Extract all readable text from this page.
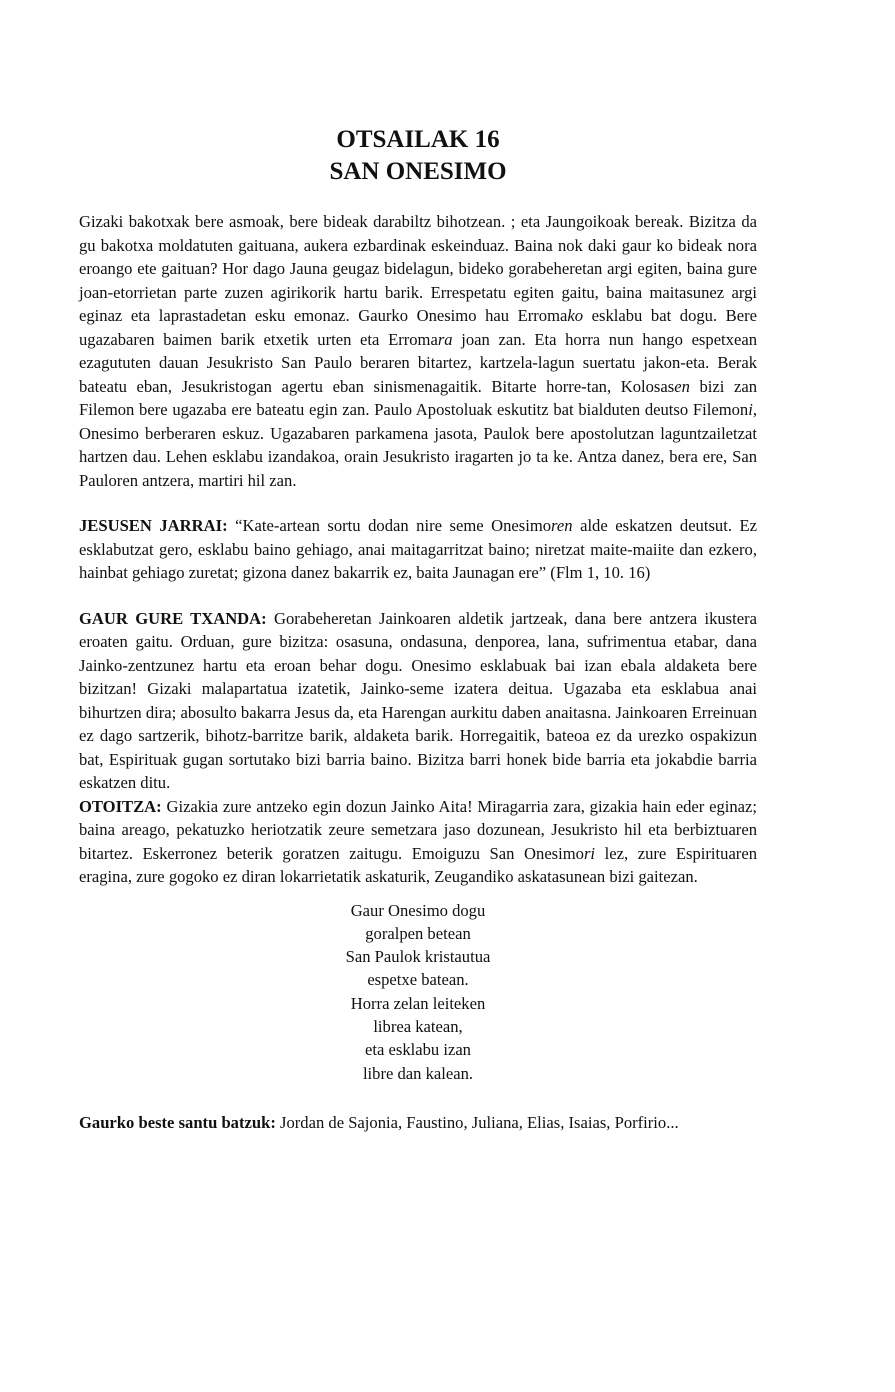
OTSAILAK 16
SAN ONESIMO

Gizaki bakotxak bere asmoak, bere bideak darabiltz bihotzean. ; eta Jaungoikoak bereak. Bizitza da gu bakotxa moldatuten gaituana, aukera ezbardinak eskeinduaz. Baina nok daki gaur ko bideak nora eroango ete gaituan? Hor dago Jauna geugaz bidelagun, bideko gorabeheretan argi egiten, baina gure joan-etorrietan parte zuzen agirikorik hartu barik. Errespetatu egiten gaitu, baina maitasunez argi eginaz eta laprastadetan esku emonaz. Gaurko Onesimo hau Erromako esklabu bat dogu. Bere ugazabaren baimen barik etxetik urten eta Erromara joan zan. Eta horra nun hango espetxean ezagututen dauan Jesukristo San Paulo beraren bitartez, kartzela-lagun suertatu jakon-eta. Berak bateatu eban, Jesukristogan agertu eban sinismenagaitik. Bitarte horre-tan, Kolosasen bizi zan Filemon bere ugazaba ere bateatu egin zan. Paulo Apostoluak eskutitz bat bialduten deutso Filemoni, Onesimo berberaren eskuz. Ugazabaren parkamena jasota, Paulok bere apostolutzan laguntzailetzat hartzen dau. Lehen esklabu izandakoa, orain Jesukristo iragarten jo ta ke. Antza danez, bera ere, San Pauloren antzera, martiri hil zan.

JESUSEN JARRAI: “Kate-artean sortu dodan nire seme Onesimoren alde eskatzen deutsut. Ez esklabutzat gero, esklabu baino gehiago, anai maitagarritzat baino; niretzat maite-maiite dan ezkero, hainbat gehiago zuretat; gizona danez bakarrik ez, baita Jaunagan ere” (Flm 1, 10. 16)

GAUR GURE TXANDA: Gorabeheretan Jainkoaren aldetik jartzeak, dana bere antzera ikustera eroaten gaitu. Orduan, gure bizitza: osasuna, ondasuna, denporea, lana, sufrimentua etabar, dana Jainko-zentzunez hartu eta eroan behar dogu. Onesimo esklabuak bai izan ebala aldaketa bere bizitzan! Gizaki malapartatua izatetik, Jainko-seme izatera deitua. Ugazaba eta esklabua anai bihurtzen dira; abosulto bakarra Jesus da, eta Harengan aurkitu daben anaitasna. Jainkoaren Erreinuan ez dago sartzerik, bihotz-barritze barik, aldaketa barik. Horregaitik, bateoa ez da urezko ospakizun bat, Espirituak gugan sortutako bizi barria baino. Bizitza barri honek bide barria eta jokabdie barria eskatzen ditu.

OTOITZA: Gizakia zure antzeko egin dozun Jainko Aita! Miragarria zara, gizakia hain eder eginaz; baina areago, pekatuzko heriotzatik zeure semetzara jaso dozunean, Jesukristo hil eta berbiztuaren bitartez. Eskerronez beterik goratzen zaitugu. Emoiguzu San Onesimori lez, zure Espirituaren eragina, zure gogoko ez diran lokarrietatik askaturik, Zeugandiko askatasunean bizi gaitezan.

Gaur Onesimo dogu
goralpen betean
San Paulok kristautua
espetxe batean.
Horra zelan leiteken
librea katean,
eta esklabu izan
libre dan kalean.

Gaurko beste santu batzuk: Jordan de Sajonia, Faustino, Juliana, Elias, Isaias, Porfirio...
